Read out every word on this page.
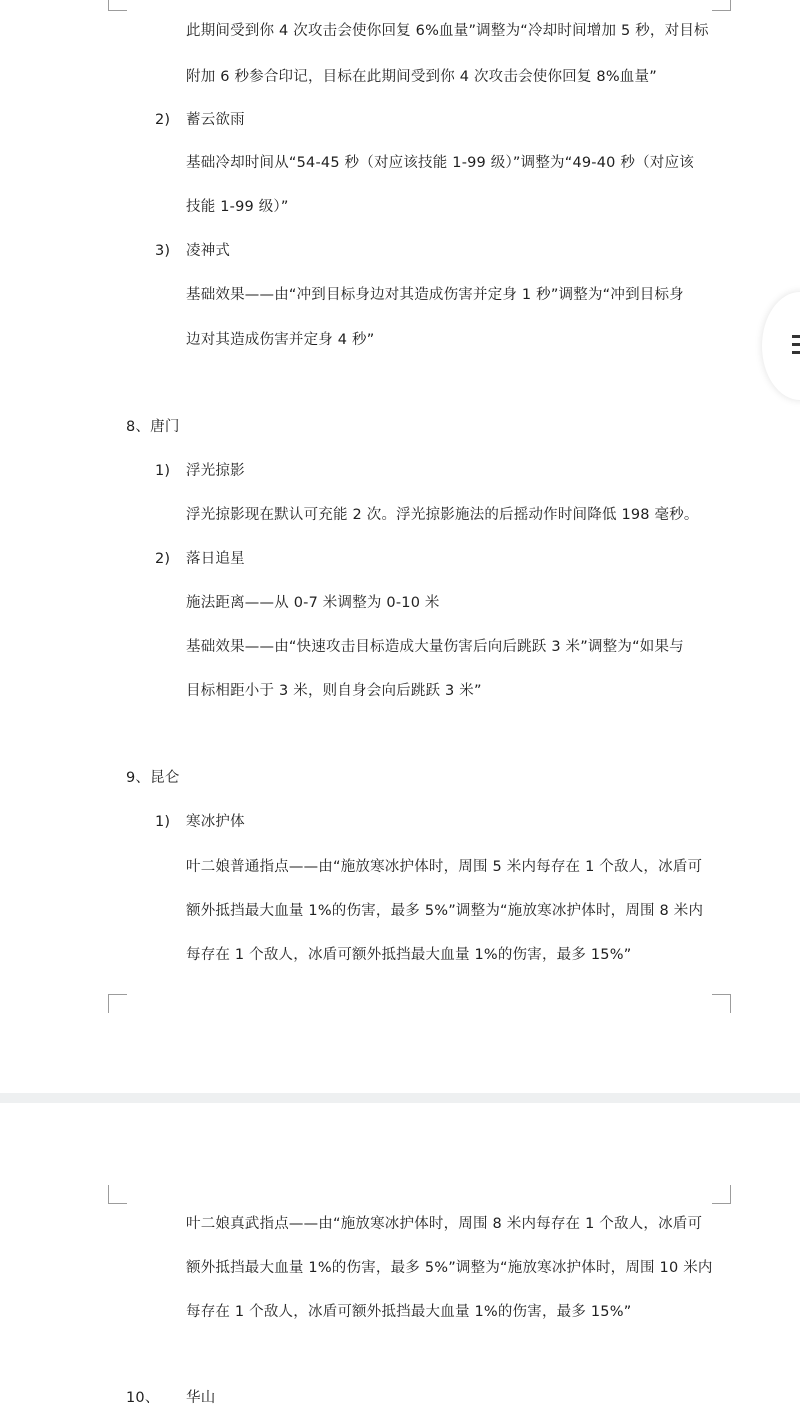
此期间受到你 4 次攻击会使你回复 6%血量”调整为“冷却时间增加 5 秒，对目标
附加 6 秒参合印记，目标在此期间受到你 4 次攻击会使你回复 8%血量”
2) 蓄云欲雨
基础冷却时间从“54-45 秒（对应该技能 1-99 级）”调整为“49-40 秒（对应该
技能 1-99 级）”
3) 凌神式
基础效果——由“冲到目标身边对其造成伤害并定身 1 秒”调整为“冲到目标身
边对其造成伤害并定身 4 秒”
8、唐门
1) 浮光掠影
浮光掠影现在默认可充能 2 次。浮光掠影施法的后摇动作时间降低 198 毫秒。
2) 落日追星
施法距离——从 0-7 米调整为 0-10 米
基础效果——由“快速攻击目标造成大量伤害后向后跳跃 3 米”调整为“如果与
目标相距小于 3 米，则自身会向后跳跃 3 米”
9、昆仑
1) 寒冰护体
叶二娘普通指点——由“施放寒冰护体时，周围 5 米内每存在 1 个敌人，冰盾可
额外抵挡最大血量 1%的伤害，最多 5%”调整为“施放寒冰护体时，周围 8 米内
每存在 1 个敌人，冰盾可额外抵挡最大血量 1%的伤害，最多 15%”
叶二娘真武指点——由“施放寒冰护体时，周围 8 米内每存在 1 个敌人，冰盾可
额外抵挡最大血量 1%的伤害，最多 5%”调整为“施放寒冰护体时，周围 10 米内
每存在 1 个敌人，冰盾可额外抵挡最大血量 1%的伤害，最多 15%”
10、 华山
